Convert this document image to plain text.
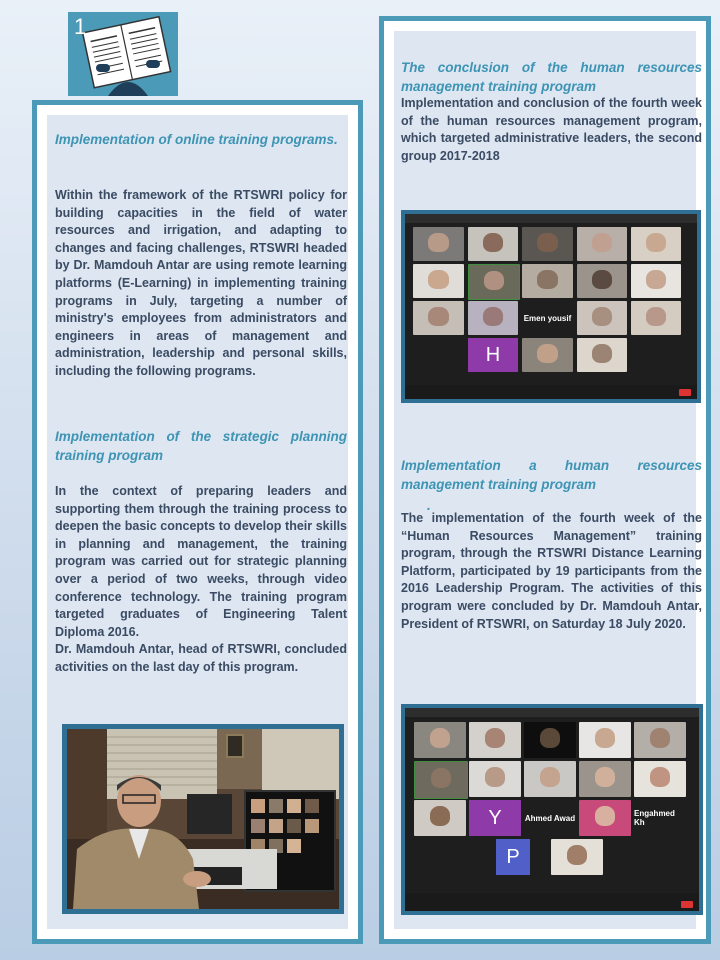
1
Implementation of online training programs.
Within the framework of the RTSWRI policy for building capacities in the field of water resources and irrigation, and adapting to changes and facing challenges, RTSWRI headed by Dr. Mamdouh Antar are using remote learning platforms (E-Learning) in implementing training programs in July, targeting a number of ministry's employees from administrators and engineers in areas of management and administration, leadership and personal skills, including the following programs.
Implementation of the strategic planning training program
In the context of preparing leaders and supporting them through the training process to deepen the basic concepts to develop their skills in planning and management, the training program was carried out for strategic planning over a period of two weeks, through video conference technology. The training program targeted graduates of Engineering Talent Diploma 2016.
Dr. Mamdouh Antar, head of RTSWRI, concluded activities on the last day of this program.
The conclusion of the human resources management training program
Implementation and conclusion of the fourth week of the human resources management program, which targeted administrative leaders, the second group 2017-2018
Emen yousif
H
Implementation a human resources management training program
.
The implementation of the fourth week of the “Human Resources Management” training program, through the RTSWRI Distance Learning Platform, participated by 19 participants from the 2016 Leadership Program. The activities of this program were concluded by Dr. Mamdouh Antar, President of RTSWRI, on Saturday 18 July 2020.
Y	Ahmed Awad	Engahmed Kh
P
